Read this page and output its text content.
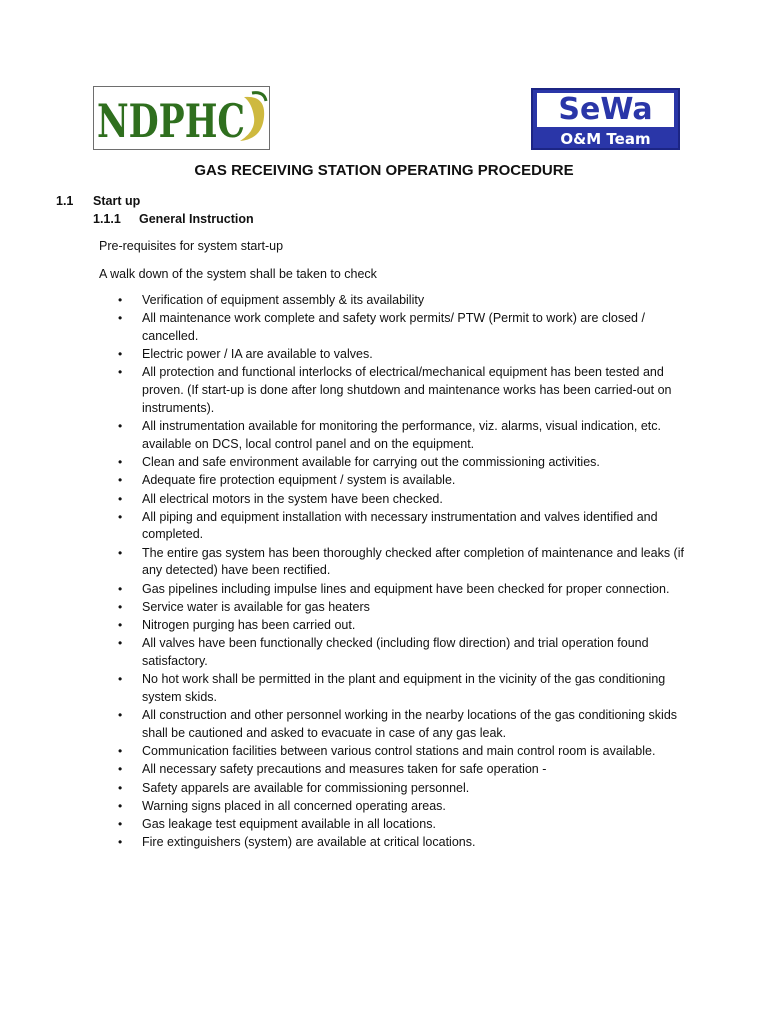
NDPHC	SeWa
O&M Team
GAS RECEIVING STATION OPERATING PROCEDURE
1.1 Start up
1.1.1 General Instruction
Pre-requisites for system start-up
A walk down of the system shall be taken to check
• Verification of equipment assembly & its availability
• All maintenance work complete and safety work permits/ PTW (Permit to work) are closed / cancelled.
• Electric power / IA are available to valves.
• All protection and functional interlocks of electrical/mechanical equipment has been tested and proven. (If start-up is done after long shutdown and maintenance works has been carried-out on instruments).
• All instrumentation available for monitoring the performance, viz. alarms, visual indication, etc. available on DCS, local control panel and on the equipment.
• Clean and safe environment available for carrying out the commissioning activities.
• Adequate fire protection equipment / system is available.
• All electrical motors in the system have been checked.
• All piping and equipment installation with necessary instrumentation and valves identified and completed.
• The entire gas system has been thoroughly checked after completion of maintenance and leaks (if any detected) have been rectified.
• Gas pipelines including impulse lines and equipment have been checked for proper connection.
• Service water is available for gas heaters
• Nitrogen purging has been carried out.
• All valves have been functionally checked (including flow direction) and trial operation found satisfactory.
• No hot work shall be permitted in the plant and equipment in the vicinity of the gas conditioning system skids.
• All construction and other personnel working in the nearby locations of the gas conditioning skids shall be cautioned and asked to evacuate in case of any gas leak.
• Communication facilities between various control stations and main control room is available.
• All necessary safety precautions and measures taken for safe operation -
• Safety apparels are available for commissioning personnel.
• Warning signs placed in all concerned operating areas.
• Gas leakage test equipment available in all locations.
• Fire extinguishers (system) are available at critical locations.
